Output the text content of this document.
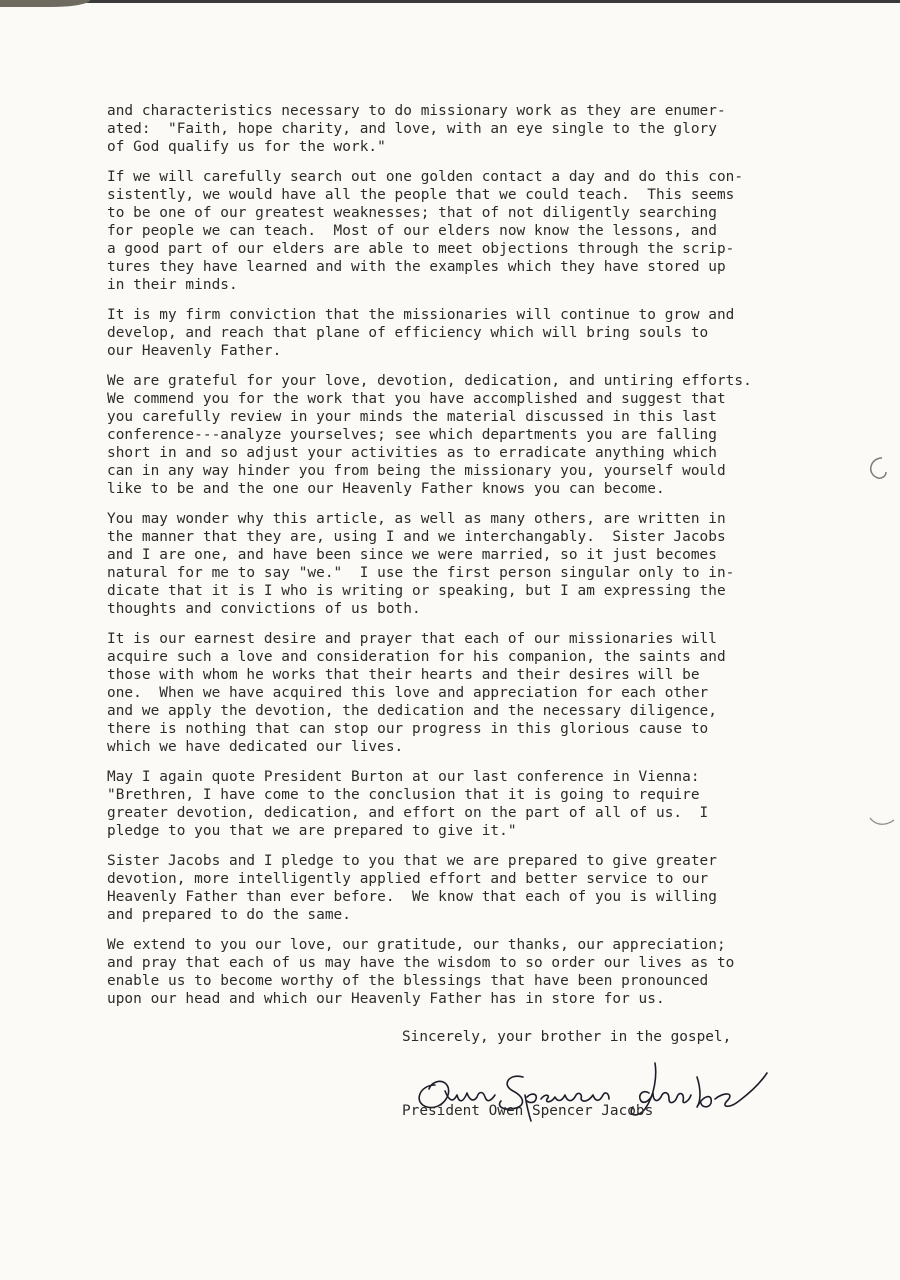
and characteristics necessary to do missionary work as they are enumer-
ated:  "Faith, hope charity, and love, with an eye single to the glory
of God qualify us for the work."
If we will carefully search out one golden contact a day and do this con-
sistently, we would have all the people that we could teach.  This seems
to be one of our greatest weaknesses; that of not diligently searching
for people we can teach.  Most of our elders now know the lessons, and
a good part of our elders are able to meet objections through the scrip-
tures they have learned and with the examples which they have stored up
in their minds.
It is my firm conviction that the missionaries will continue to grow and
develop, and reach that plane of efficiency which will bring souls to
our Heavenly Father.
We are grateful for your love, devotion, dedication, and untiring efforts.
We commend you for the work that you have accomplished and suggest that
you carefully review in your minds the material discussed in this last
conference---analyze yourselves; see which departments you are falling
short in and so adjust your activities as to erradicate anything which
can in any way hinder you from being the missionary you, yourself would
like to be and the one our Heavenly Father knows you can become.
You may wonder why this article, as well as many others, are written in
the manner that they are, using I and we interchangably.  Sister Jacobs
and I are one, and have been since we were married, so it just becomes
natural for me to say "we."  I use the first person singular only to in-
dicate that it is I who is writing or speaking, but I am expressing the
thoughts and convictions of us both.
It is our earnest desire and prayer that each of our missionaries will
acquire such a love and consideration for his companion, the saints and
those with whom he works that their hearts and their desires will be
one.  When we have acquired this love and appreciation for each other
and we apply the devotion, the dedication and the necessary diligence,
there is nothing that can stop our progress in this glorious cause to
which we have dedicated our lives.
May I again quote President Burton at our last conference in Vienna:
"Brethren, I have come to the conclusion that it is going to require
greater devotion, dedication, and effort on the part of all of us.  I
pledge to you that we are prepared to give it."
Sister Jacobs and I pledge to you that we are prepared to give greater
devotion, more intelligently applied effort and better service to our
Heavenly Father than ever before.  We know that each of you is willing
and prepared to do the same.
We extend to you our love, our gratitude, our thanks, our appreciation;
and pray that each of us may have the wisdom to so order our lives as to
enable us to become worthy of the blessings that have been pronounced
upon our head and which our Heavenly Father has in store for us.
Sincerely, your brother in the gospel,
President Owen Spencer Jacobs
